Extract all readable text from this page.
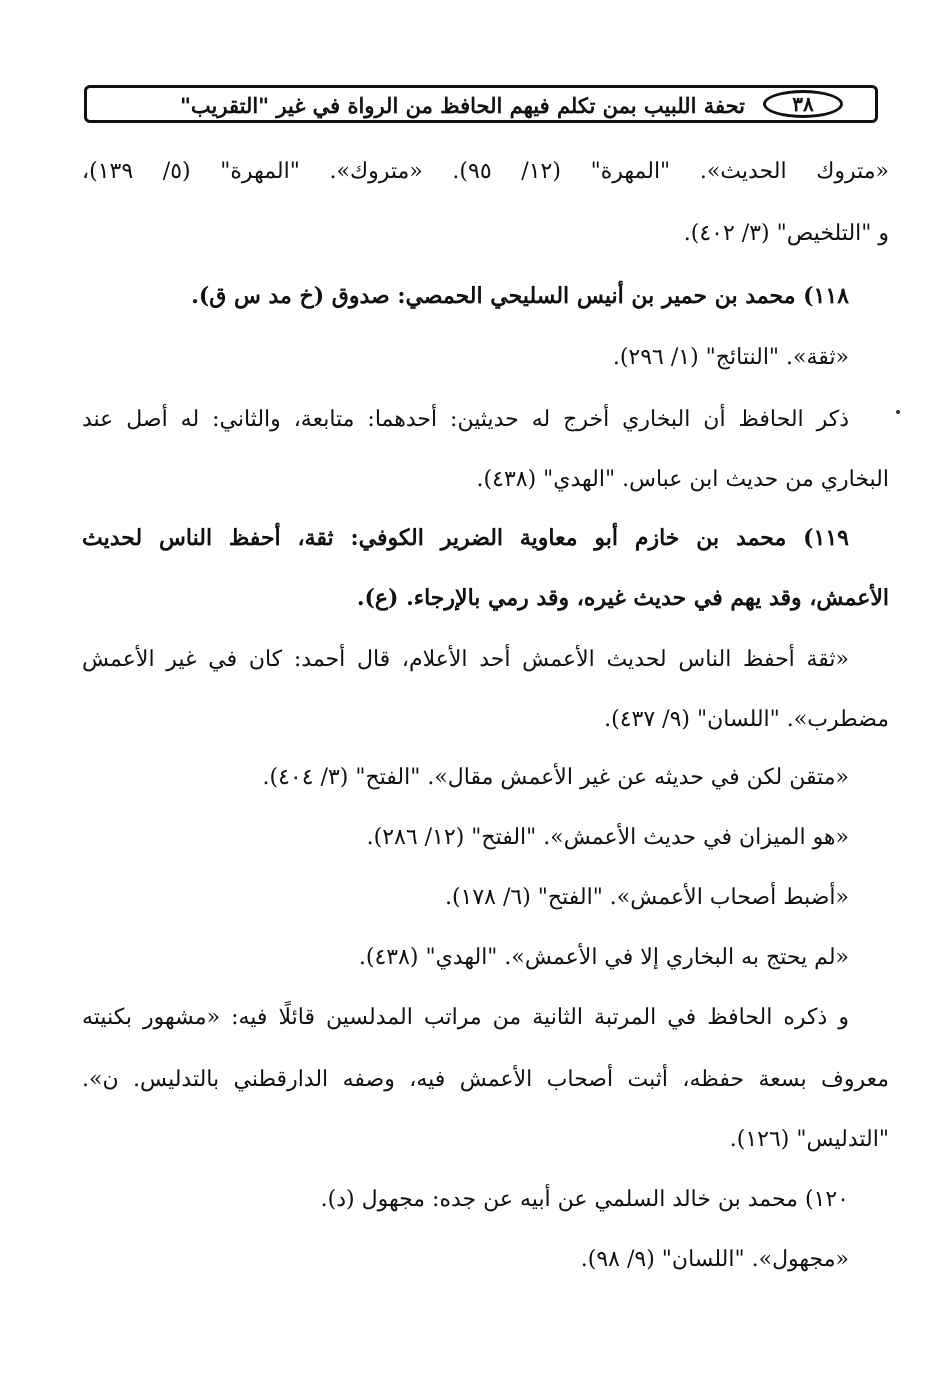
تحفة اللبيب بمن تكلم فيهم الحافظ من الرواة في غير "التقريب"	٣٨
«متروك الحديث». "المهرة" (١٢/ ٩٥). «متروك». "المهرة" (٥/ ١٣٩)،
و "التلخيص" (٣/ ٤٠٢).
١١٨) محمد بن حمير بن أنيس السليحي الحمصي: صدوق (خ مد س ق).
«ثقة». "النتائج" (١/ ٢٩٦).
ذكر الحافظ أن البخاري أخرج له حديثين: أحدهما: متابعة، والثاني: له أصل عند
البخاري من حديث ابن عباس. "الهدي" (٤٣٨).
١١٩) محمد بن خازم أبو معاوية الضرير الكوفي: ثقة، أحفظ الناس لحديث
الأعمش، وقد يهم في حديث غيره، وقد رمي بالإرجاء. (ع).
«ثقة أحفظ الناس لحديث الأعمش أحد الأعلام، قال أحمد: كان في غير الأعمش
مضطرب». "اللسان" (٩/ ٤٣٧).
«متقن لكن في حديثه عن غير الأعمش مقال». "الفتح" (٣/ ٤٠٤).
«هو الميزان في حديث الأعمش». "الفتح" (١٢/ ٢٨٦).
«أضبط أصحاب الأعمش». "الفتح" (٦/ ١٧٨).
«لم يحتج به البخاري إلا في الأعمش». "الهدي" (٤٣٨).
و ذكره الحافظ في المرتبة الثانية من مراتب المدلسين قائلًا فيه: «مشهور بكنيته
معروف بسعة حفظه، أثبت أصحاب الأعمش فيه، وصفه الدارقطني بالتدليس. ن».
"التدليس" (١٢٦).
١٢٠) محمد بن خالد السلمي عن أبيه عن جده: مجهول (د).
«مجهول». "اللسان" (٩/ ٩٨).
